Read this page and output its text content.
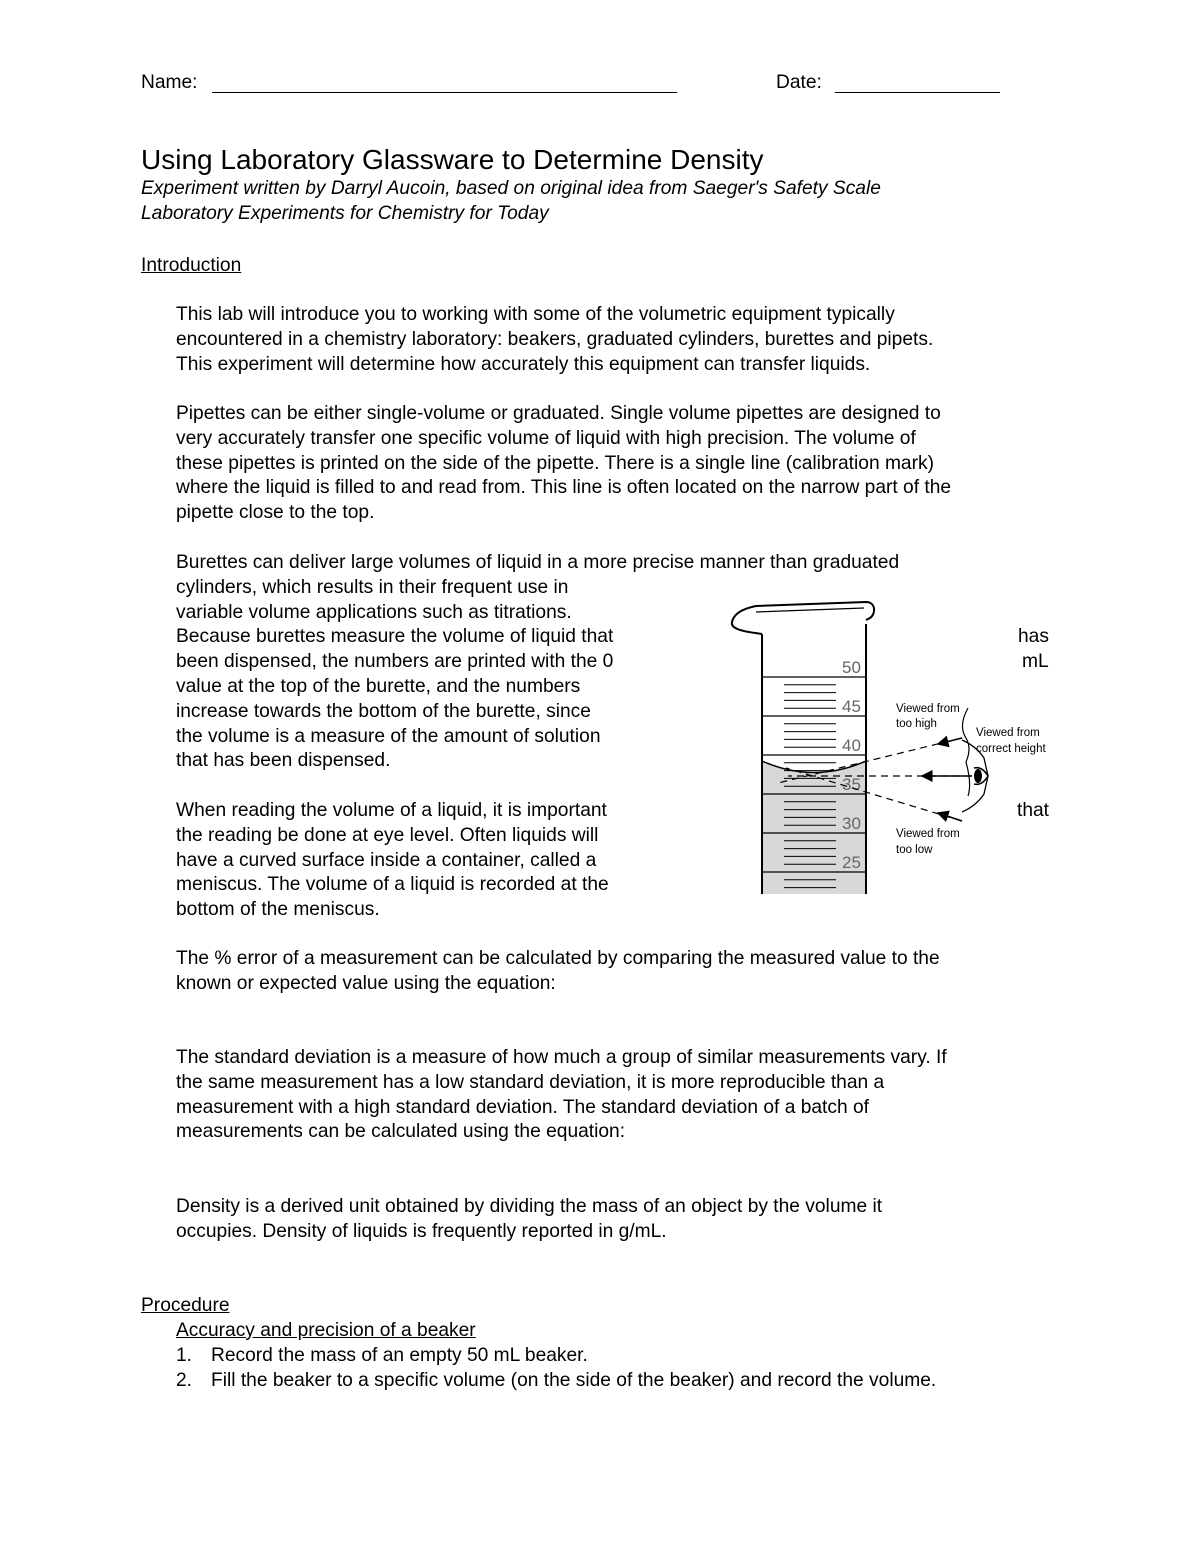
Name:	Date:
Using Laboratory Glassware to Determine Density
Experiment written by Darryl Aucoin, based on original idea from Saeger's Safety Scale
Laboratory Experiments for Chemistry for Today
Introduction
This lab will introduce you to working with some of the volumetric equipment typically
encountered in a chemistry laboratory: beakers, graduated cylinders, burettes and pipets.
This experiment will determine how accurately this equipment can transfer liquids.
Pipettes can be either single-volume or graduated. Single volume pipettes are designed to
very accurately transfer one specific volume of liquid with high precision. The volume of
these pipettes is printed on the side of the pipette. There is a single line (calibration mark)
where the liquid is filled to and read from. This line is often located on the narrow part of the
pipette close to the top.
Burettes can deliver large volumes of liquid in a more precise manner than graduated
cylinders, which results in their frequent use in
variable volume applications such as titrations.
Because burettes measure the volume of liquid that
been dispensed, the numbers are printed with the 0
value at the top of the burette, and the numbers
increase towards the bottom of the burette, since
the volume is a measure of the amount of solution
that has been dispensed.
has
mL
When reading the volume of a liquid, it is important
the reading be done at eye level. Often liquids will
have a curved surface inside a container, called a
meniscus. The volume of a liquid is recorded at the
bottom of the meniscus.
that
The % error of a measurement can be calculated by comparing the measured value to the
known or expected value using the equation:
The standard deviation is a measure of how much a group of similar measurements vary. If
the same measurement has a low standard deviation, it is more reproducible than a
measurement with a high standard deviation. The standard deviation of a batch of
measurements can be calculated using the equation:
Density is a derived unit obtained by dividing the mass of an object by the volume it
occupies. Density of liquids is frequently reported in g/mL.
50
45
40
35
30
25
Viewed from
too high
Viewed from
correct height
Viewed from
too low
Procedure
Accuracy and precision of a beaker
1. Record the mass of an empty 50 mL beaker.
2. Fill the beaker to a specific volume (on the side of the beaker) and record the volume.
